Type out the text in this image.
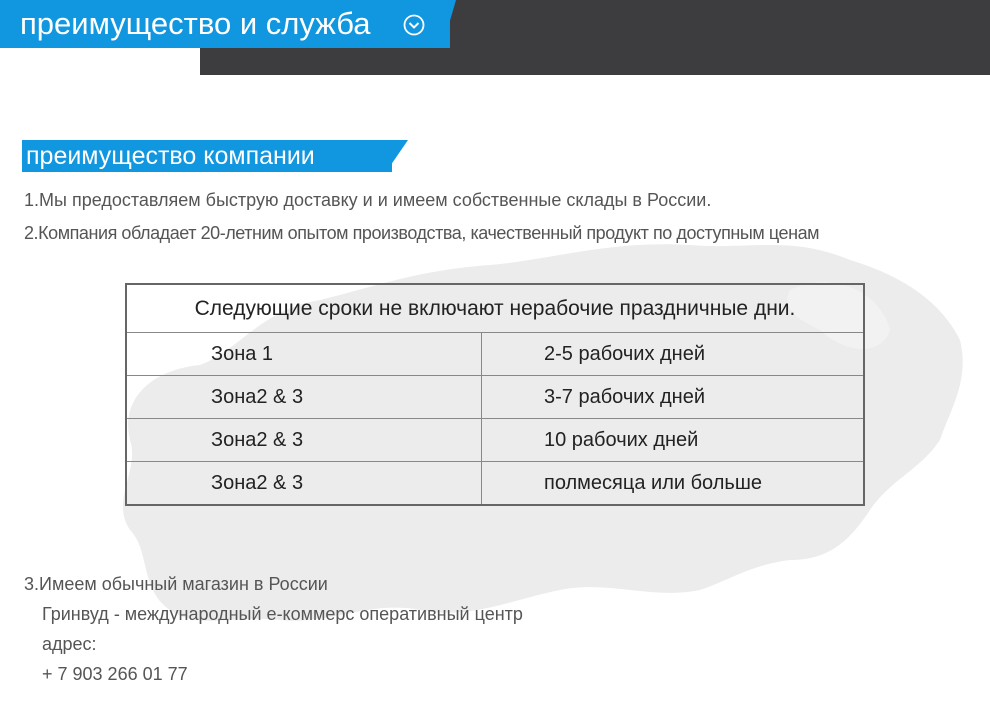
преимущество и служба
преимущество компании
1.Мы предоставляем быструю доставку и и имеем собственные склады в России.
2.Компания обладает 20-летним опытом производства, качественный продукт по доступным ценам
Следующие сроки не включают нерабочие праздничные дни.	
Зона 1	2-5 рабочих дней
Зона2 & 3	3-7 рабочих дней
Зона2 & 3	10 рабочих дней
Зона2 & 3	полмесяца или больше
3.Имеем обычный магазин в России
Гринвуд - международный е-коммерс оперативный центр
адрес:
+ 7 903 266 01 77
